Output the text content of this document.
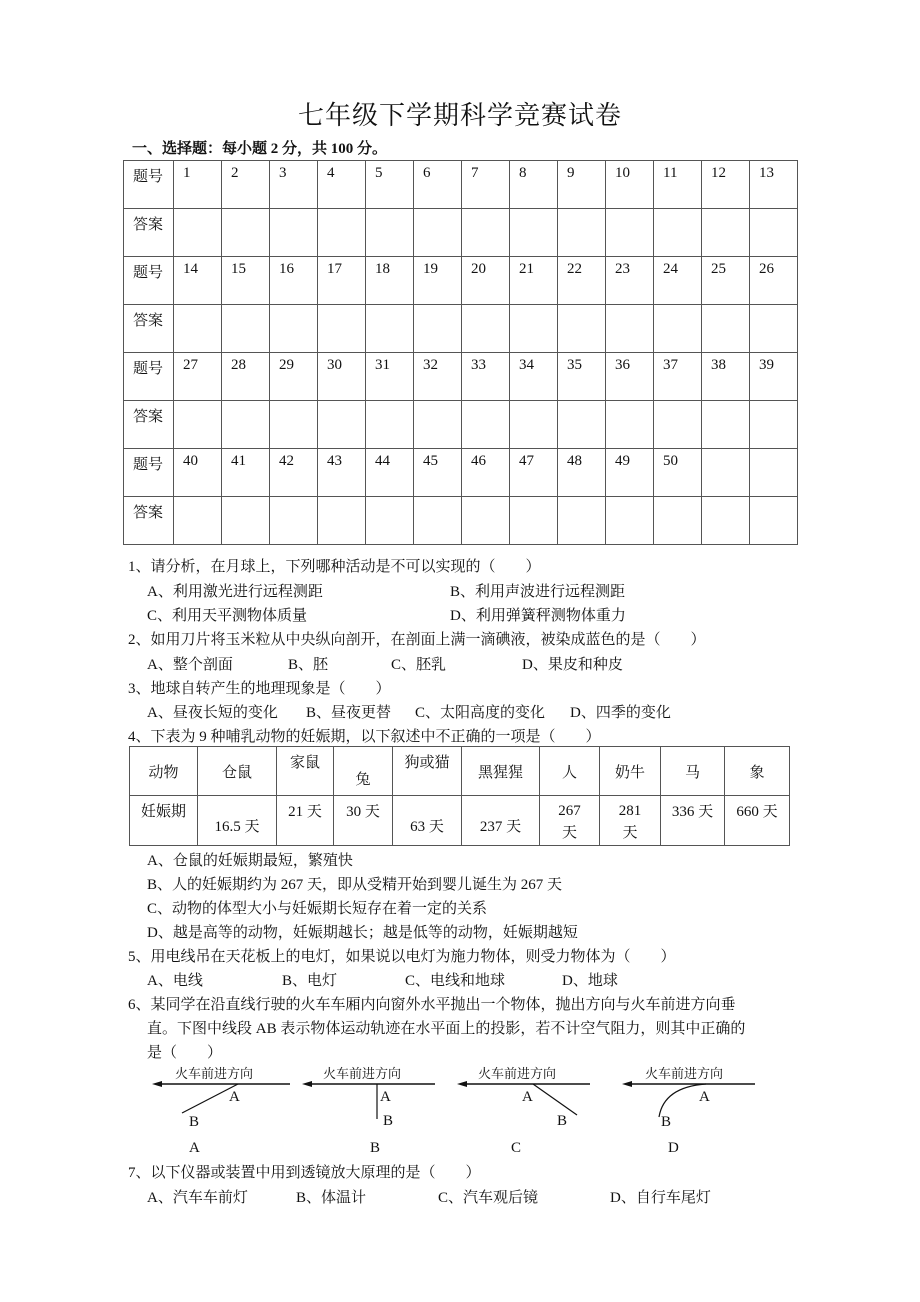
七年级下学期科学竞赛试卷
一、选择题：每小题 2 分，共 100 分。
题号	1	2	3	4	5	6	7	8	9	10	11	12	13
答案													
题号	14	15	16	17	18	19	20	21	22	23	24	25	26
答案													
题号	27	28	29	30	31	32	33	34	35	36	37	38	39
答案													
题号	40	41	42	43	44	45	46	47	48	49	50		
答案													
1、请分析，在月球上，下列哪种活动是不可以实现的（　　）
A、利用激光进行远程测距	B、利用声波进行远程测距
C、利用天平测物体质量	D、利用弹簧秤测物体重力
2、如用刀片将玉米粒从中央纵向剖开，在剖面上满一滴碘液，被染成蓝色的是（　　）
A、整个剖面	B、胚	C、胚乳	D、果皮和种皮
3、地球自转产生的地理现象是（　　）
A、昼夜长短的变化 B、昼夜更替 C、太阳高度的变化 D、四季的变化
4、下表为 9 种哺乳动物的妊娠期，以下叙述中不正确的一项是（　　）
动物	仓鼠	家鼠	兔	狗或猫	黑猩猩	人	奶牛	马	象
妊娠期	16.5 天	21 天	30 天	63 天	237 天	267 天	281 天	336 天	660 天
A、仓鼠的妊娠期最短，繁殖快
B、人的妊娠期约为 267 天，即从受精开始到婴儿诞生为 267 天
C、动物的体型大小与妊娠期长短存在着一定的关系
D、越是高等的动物，妊娠期越长；越是低等的动物，妊娠期越短
5、用电线吊在天花板上的电灯，如果说以电灯为施力物体，则受力物体为（　　）
A、电线	B、电灯	C、电线和地球	D、地球
6、某同学在沿直线行驶的火车车厢内向窗外水平抛出一个物体，抛出方向与火车前进方向垂
直。下图中线段 AB 表示物体运动轨迹在水平面上的投影，若不计空气阻力，则其中正确的
是（　　）
火车前进方向
A
B
A
火车前进方向
A
B
B
火车前进方向
A
B
C
火车前进方向
A
B
D
7、以下仪器或装置中用到透镜放大原理的是（　　）
A、汽车车前灯	B、体温计	C、汽车观后镜	D、自行车尾灯
